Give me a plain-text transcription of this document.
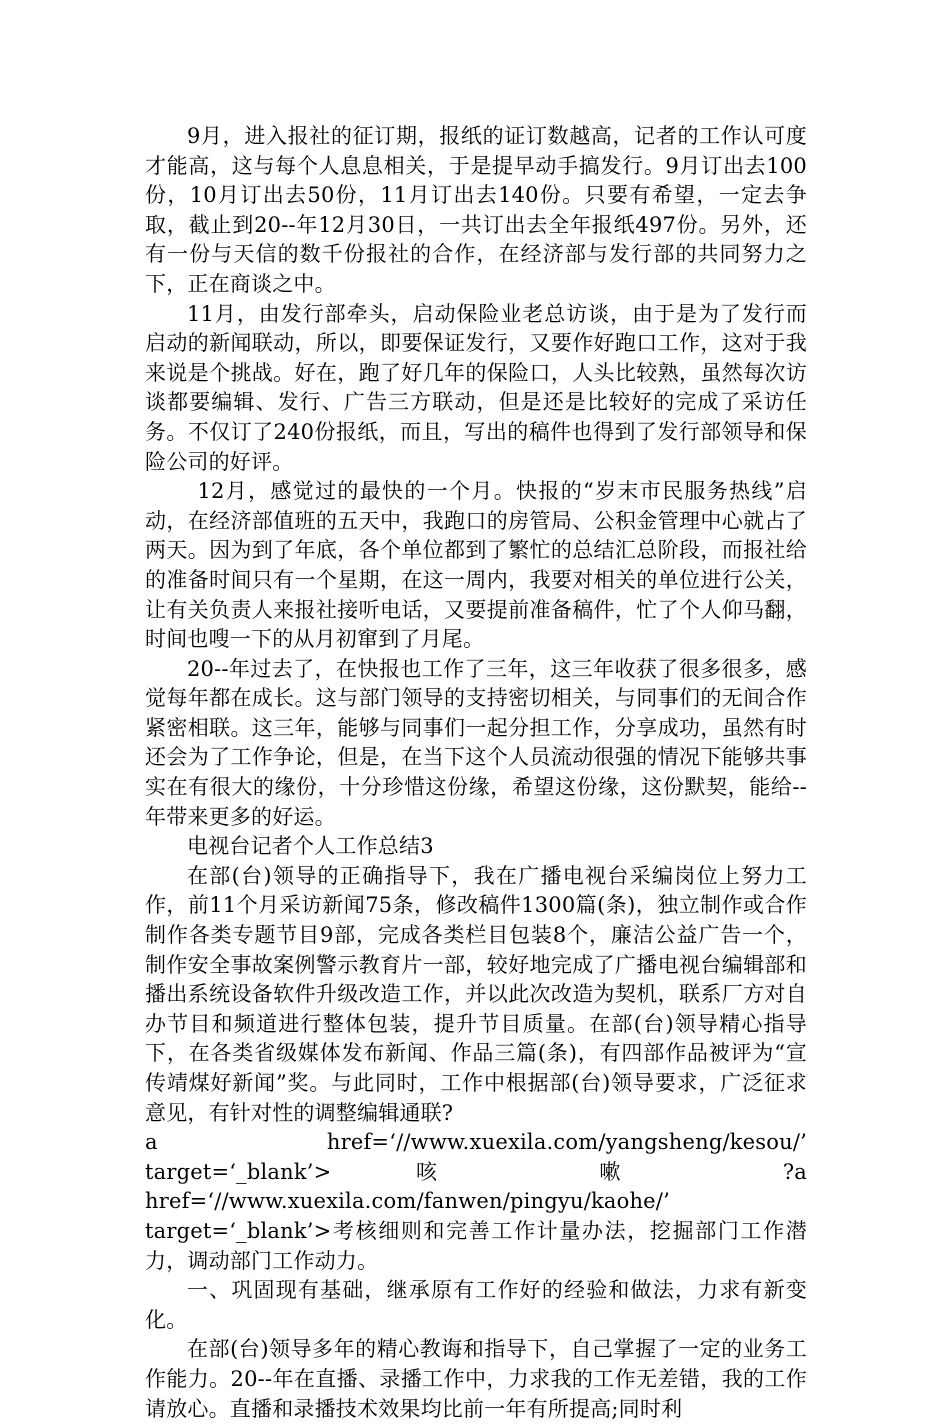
9月，进入报社的征订期，报纸的证订数越高，记者的工作认可度才能高，这与每个人息息相关，于是提早动手搞发行。9月订出去100份，10月订出去50份，11月订出去140份。只要有希望，一定去争取，截止到20--年12月30日，一共订出去全年报纸497份。另外，还有一份与天信的数千份报社的合作，在经济部与发行部的共同努力之下，正在商谈之中。

11月，由发行部牵头，启动保险业老总访谈，由于是为了发行而启动的新闻联动，所以，即要保证发行，又要作好跑口工作，这对于我来说是个挑战。好在，跑了好几年的保险口，人头比较熟，虽然每次访谈都要编辑、发行、广告三方联动，但是还是比较好的完成了采访任务。不仅订了240份报纸，而且，写出的稿件也得到了发行部领导和保险公司的好评。

12月，感觉过的最快的一个月。快报的“岁末市民服务热线”启动，在经济部值班的五天中，我跑口的房管局、公积金管理中心就占了两天。因为到了年底，各个单位都到了繁忙的总结汇总阶段，而报社给的准备时间只有一个星期，在这一周内，我要对相关的单位进行公关，让有关负责人来报社接听电话，又要提前准备稿件，忙了个人仰马翻，时间也嗖一下的从月初窜到了月尾。

20--年过去了，在快报也工作了三年，这三年收获了很多很多，感觉每年都在成长。这与部门领导的支持密切相关，与同事们的无间合作紧密相联。这三年，能够与同事们一起分担工作，分享成功，虽然有时还会为了工作争论，但是，在当下这个人员流动很强的情况下能够共事实在有很大的缘份，十分珍惜这份缘，希望这份缘，这份默契，能给--年带来更多的好运。

电视台记者个人工作总结3

在部(台)领导的正确指导下，我在广播电视台采编岗位上努力工作，前11个月采访新闻75条，修改稿件1300篇(条)，独立制作或合作制作各类专题节目9部，完成各类栏目包装8个，廉洁公益广告一个，制作安全事故案例警示教育片一部，较好地完成了广播电视台编辑部和播出系统设备软件升级改造工作，并以此次改造为契机，联系厂方对自办节目和频道进行整体包装，提升节目质量。在部(台)领导精心指导下，在各类省级媒体发布新闻、作品三篇(条)，有四部作品被评为“宣传靖煤好新闻”奖。与此同时，工作中根据部(台)领导要求，广泛征求意见，有针对性的调整编辑通联?

a href=‘//www.xuexila.com/yangsheng/kesou/’

target=‘_blank’> 咳 嗽 ?a

href=‘//www.xuexila.com/fanwen/pingyu/kaohe/’

target=‘_blank’>考核细则和完善工作计量办法，挖掘部门工作潜力，调动部门工作动力。

一、巩固现有基础，继承原有工作好的经验和做法，力求有新变化。

在部(台)领导多年的精心教诲和指导下，自己掌握了一定的业务工作能力。20--年在直播、录播工作中，力求我的工作无差错，我的工作请放心。直播和录播技术效果均比前一年有所提高;同时利
